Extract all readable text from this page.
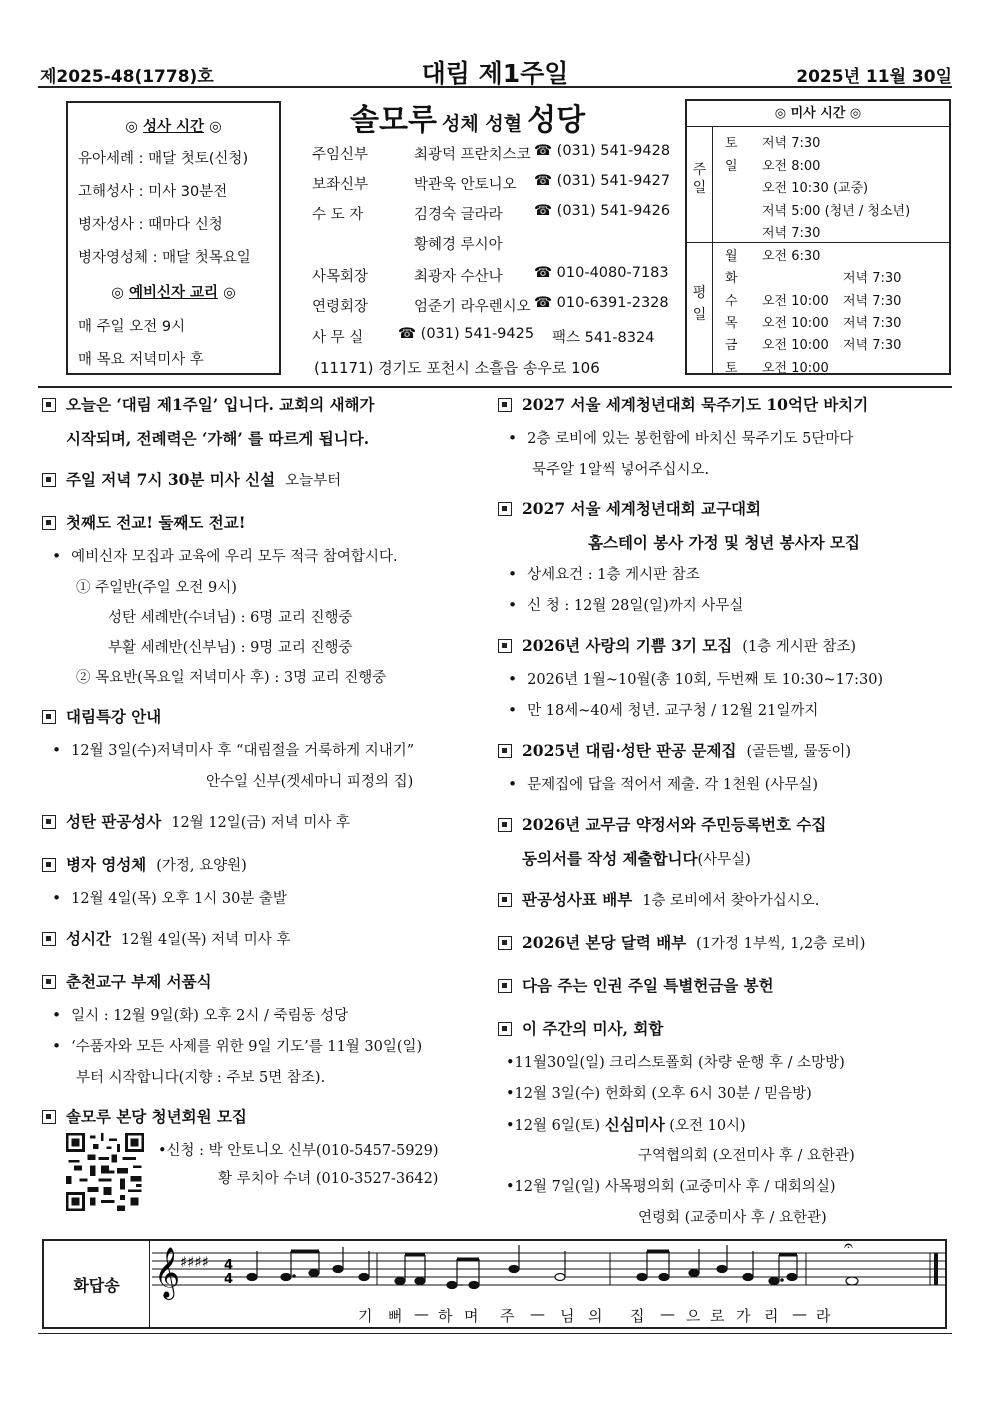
제2025-48(1778)호	대림 제1주일	2025년 11월 30일
◎ 성사 시간 ◎
유아세례 : 매달 첫토(신청)
고해성사 : 미사 30분전
병자성사 : 때마다 신청
병자영성체 : 매달 첫목요일
◎ 예비신자 교리 ◎
매 주일 오전 9시
매 목요 저녁미사 후
솔모루 성체 성혈 성당
주임신부	최광덕 프란치스코 ☎ (031) 541-9428
보좌신부	박관욱 안토니오 ☎ (031) 541-9427
수 도 자	김경숙 글라라 ☎ (031) 541-9426
황혜경 루시아
사목회장	최광자 수산나 ☎ 010-4080-7183
연령회장	엄준기 라우렌시오 ☎ 010-6391-2328
사 무 실	☎ (031) 541-9425 팩스 541-8324
(11171) 경기도 포천시 소흘읍 송우로 106
◎ 미사 시간 ◎
주
일
평
일
토 저녁 7:30
일 오전 8:00
오전 10:30 (교중)
저녁 5:00 (청년 / 청소년)
저녁 7:30
월 오전 6:30
화	저녁 7:30
수 오전 10:00 저녁 7:30
목 오전 10:00 저녁 7:30
금 오전 10:00 저녁 7:30
토 오전 10:00
오늘은 ‘대림 제1주일’ 입니다. 교회의 새해가
시작되며, 전례력은 ‘가해’ 를 따르게 됩니다.
주일 저녁 7시 30분 미사 신설 오늘부터
첫째도 전교! 둘째도 전교!
• 예비신자 모집과 교육에 우리 모두 적극 참여합시다.
① 주일반(주일 오전 9시)
성탄 세례반(수녀님) : 6명 교리 진행중
부활 세례반(신부님) : 9명 교리 진행중
② 목요반(목요일 저녁미사 후) : 3명 교리 진행중
대림특강 안내
• 12월 3일(수)저녁미사 후 “대림절을 거룩하게 지내기”
안수일 신부(겟세마니 피정의 집)
성탄 판공성사 12월 12일(금) 저녁 미사 후
병자 영성체 (가정, 요양원)
• 12월 4일(목) 오후 1시 30분 출발
성시간 12월 4일(목) 저녁 미사 후
춘천교구 부제 서품식
• 일시 : 12월 9일(화) 오후 2시 / 죽림동 성당
• ‘수품자와 모든 사제를 위한 9일 기도’를 11월 30일(일)
부터 시작합니다(지향 : 주보 5면 참조).
솔모루 본당 청년회원 모집
•신청 : 박 안토니오 신부(010-5457-5929)
황 루치아 수녀 (010-3527-3642)
2027 서울 세계청년대회 묵주기도 10억단 바치기
• 2층 로비에 있는 봉헌함에 바치신 묵주기도 5단마다
묵주알 1알씩 넣어주십시오.
2027 서울 세계청년대회 교구대회
홈스테이 봉사 가정 및 청년 봉사자 모집
• 상세요건 : 1층 게시판 참조
• 신 청 : 12월 28일(일)까지 사무실
2026년 사랑의 기쁨 3기 모집 (1층 게시판 참조)
• 2026년 1월~10월(총 10회, 두번째 토 10:30~17:30)
• 만 18세~40세 청년. 교구청 / 12월 21일까지
2025년 대림·성탄 판공 문제집 (골든벨, 물동이)
• 문제집에 답을 적어서 제출. 각 1천원 (사무실)
2026년 교무금 약정서와 주민등록번호 수집
동의서를 작성 제출합니다(사무실)
판공성사표 배부 1층 로비에서 찾아가십시오.
2026년 본당 달력 배부 (1가정 1부씩, 1,2층 로비)
다음 주는 인권 주일 특별헌금을 봉헌
이 주간의 미사, 회합
•11월30일(일) 크리스토폴회 (차량 운행 후 / 소망방)
•12월 3일(수) 헌화회 (오후 6시 30분 / 믿음방)
•12월 6일(토) 신심미사 (오전 10시)
구역협의회 (오전미사 후 / 요한관)
•12월 7일(일) 사목평의회 (교중미사 후 / 대회의실)
연령회 (교중미사 후 / 요한관)
화답송 𝄞 ♯♯♯♯ 4
4
𝄐
기 뻐 — 하 며 주 — 님 의 집 — 으 로 가 리 — 라
